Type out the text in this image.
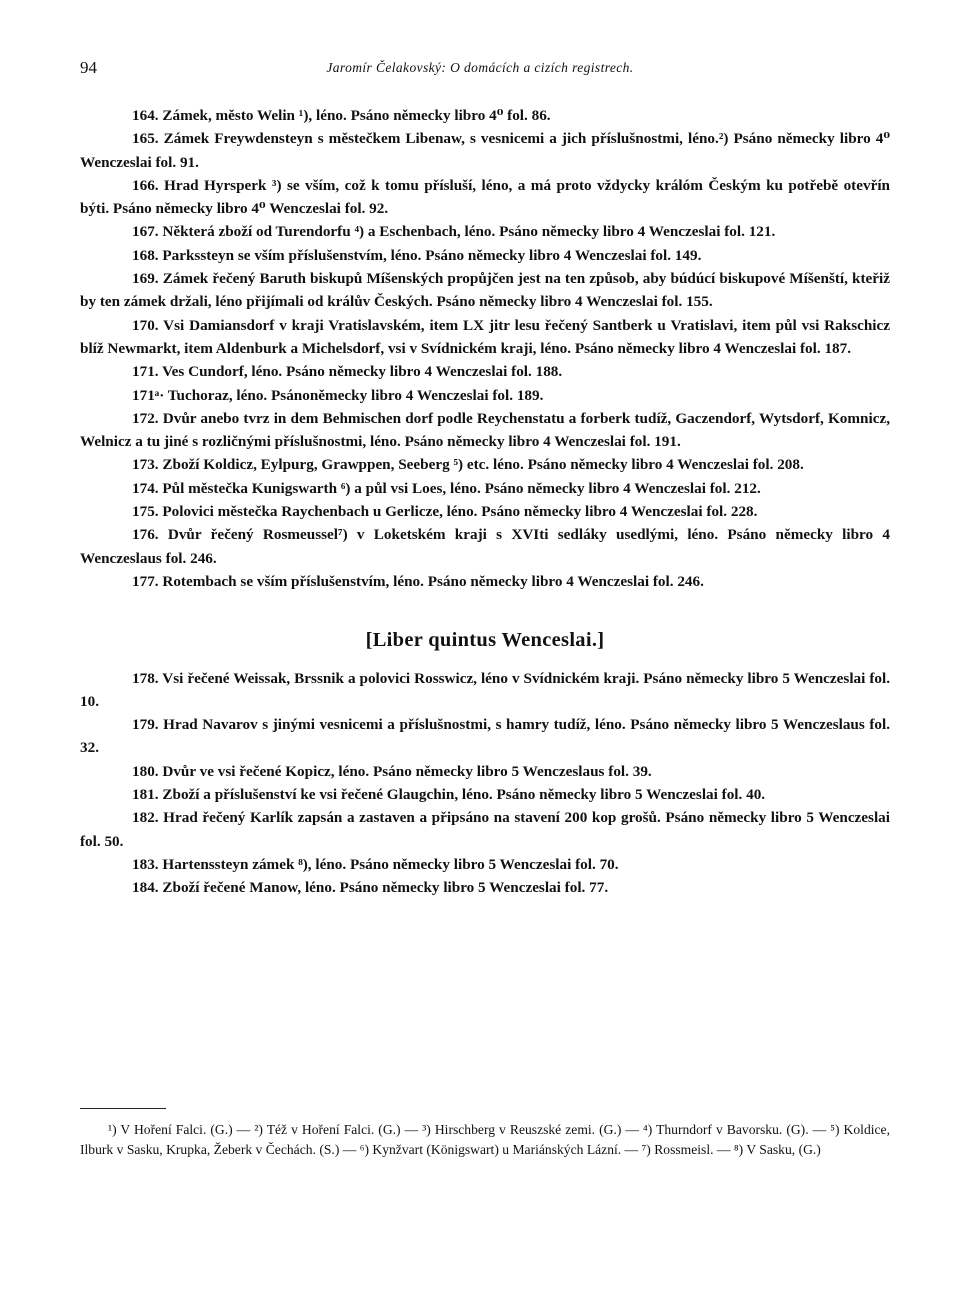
94	Jaromír Čelakovský: O domácích a cizích registrech.

164. Zámek, město Welin ¹), léno. Psáno německy libro 4⁰ fol. 86.

165. Zámek Freywdensteyn s městečkem Libenaw, s vesnicemi a jich příslušnostmi, léno.²) Psáno německy libro 4⁰ Wenczeslai fol. 91.

166. Hrad Hyrsperk ³) se vším, což k tomu přísluší, léno, a má proto vždycky králóm Českým ku potřebě otevřín býti. Psáno německy libro 4⁰ Wenczeslai fol. 92.

167. Některá zboží od Turendorfu ⁴) a Eschenbach, léno. Psáno německy libro 4 Wenczeslai fol. 121.

168. Parkssteyn se vším příslušenstvím, léno. Psáno německy libro 4 Wenczeslai fol. 149.

169. Zámek řečený Baruth biskupů Míšenských propůjčen jest na ten způsob, aby búdúcí biskupové Míšenští, kteřiž by ten zámek držali, léno přijímali od králův Českých. Psáno německy libro 4 Wenczeslai fol. 155.

170. Vsi Damiansdorf v kraji Vratislavském, item LX jitr lesu řečený Santberk u Vratislavi, item půl vsi Rakschicz blíž Newmarkt, item Aldenburk a Michelsdorf, vsi v Svídnickém kraji, léno. Psáno německy libro 4 Wenczeslai fol. 187.

171. Ves Cundorf, léno. Psáno německy libro 4 Wenczeslai fol. 188.

171ᵃ· Tuchoraz, léno. Psánoněmecky libro 4 Wenczeslai fol. 189.

172. Dvůr anebo tvrz in dem Behmischen dorf podle Reychenstatu a forberk tudíž, Gaczendorf, Wytsdorf, Komnicz, Welnicz a tu jiné s rozličnými příslušnostmi, léno. Psáno německy libro 4 Wenczeslai fol. 191.

173. Zboží Koldicz, Eylpurg, Grawppen, Seeberg ⁵) etc. léno. Psáno německy libro 4 Wenczeslai fol. 208.

174. Půl městečka Kunigswarth ⁶) a půl vsi Loes, léno. Psáno německy libro 4 Wenczeslai fol. 212.

175. Polovici městečka Raychenbach u Gerlicze, léno. Psáno německy libro 4 Wenczeslai fol. 228.

176. Dvůr řečený Rosmeussel⁷) v Loketském kraji s XVIti sedláky usedlými, léno. Psáno německy libro 4 Wenczeslaus fol. 246.

177. Rotembach se vším příslušenstvím, léno. Psáno německy libro 4 Wenczeslai fol. 246.

[Liber quintus Wenceslai.]

178. Vsi řečené Weissak, Brssnik a polovici Rosswicz, léno v Svídnickém kraji. Psáno německy libro 5 Wenczeslai fol. 10.

179. Hrad Navarov s jinými vesnicemi a příslušnostmi, s hamry tudíž, léno. Psáno německy libro 5 Wenczeslaus fol. 32.

180. Dvůr ve vsi řečené Kopicz, léno. Psáno německy libro 5 Wenczeslaus fol. 39.

181. Zboží a příslušenství ke vsi řečené Glaugchin, léno. Psáno německy libro 5 Wenczeslai fol. 40.

182. Hrad řečený Karlík zapsán a zastaven a připsáno na stavení 200 kop grošů. Psáno německy libro 5 Wenczeslai fol. 50.

183. Hartenssteyn zámek ⁸), léno. Psáno německy libro 5 Wenczeslai fol. 70.

184. Zboží řečené Manow, léno. Psáno německy libro 5 Wenczeslai fol. 77.

¹) V Hoření Falci. (G.) — ²) Též v Hoření Falci. (G.) — ³) Hirschberg v Reuszské zemi. (G.) — ⁴) Thurndorf v Bavorsku. (G). — ⁵) Koldice, Ilburk v Sasku, Krupka, Žeberk v Čechách. (S.) — ⁶) Kynžvart (Königswart) u Mariánských Lázní. — ⁷) Rossmeisl. — ⁸) V Sasku, (G.)
